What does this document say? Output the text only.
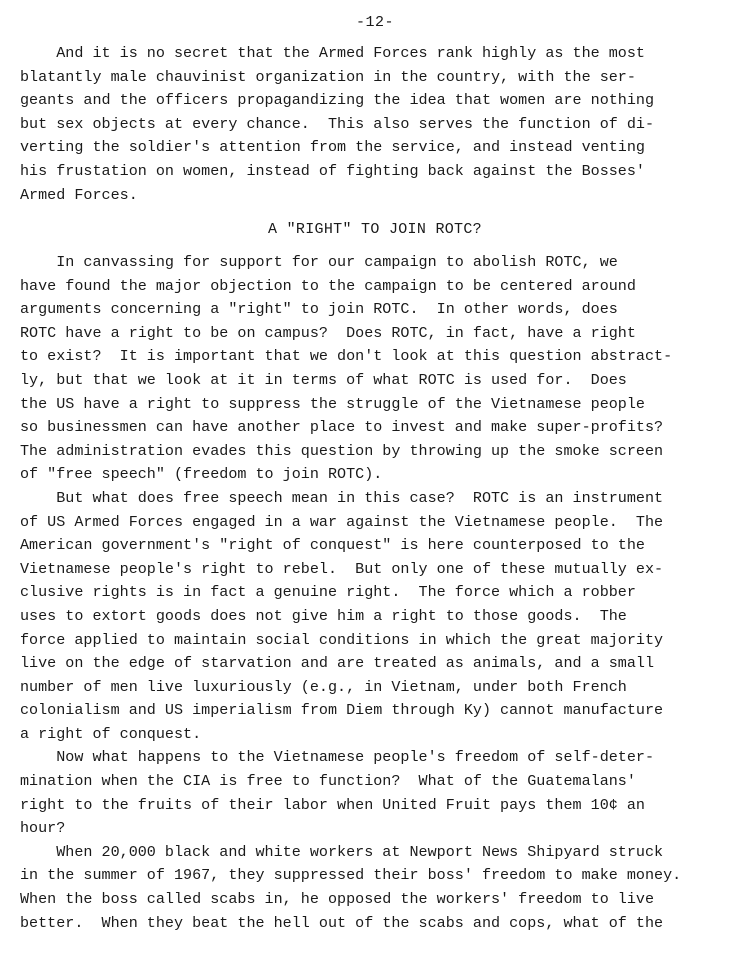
-12-
And it is no secret that the Armed Forces rank highly as the most
blatantly male chauvinist organization in the country, with the ser-
geants and the officers propagandizing the idea that women are nothing
but sex objects at every chance.  This also serves the function of di-
verting the soldier's attention from the service, and instead venting
his frustation on women, instead of fighting back against the Bosses'
Armed Forces.
A "RIGHT" TO JOIN ROTC?
In canvassing for support for our campaign to abolish ROTC, we
have found the major objection to the campaign to be centered around
arguments concerning a "right" to join ROTC.  In other words, does
ROTC have a right to be on campus?  Does ROTC, in fact, have a right
to exist?  It is important that we don't look at this question abstract-
ly, but that we look at it in terms of what ROTC is used for.  Does
the US have a right to suppress the struggle of the Vietnamese people
so businessmen can have another place to invest and make super-profits?
The administration evades this question by throwing up the smoke screen
of "free speech" (freedom to join ROTC).
But what does free speech mean in this case?  ROTC is an instrument
of US Armed Forces engaged in a war against the Vietnamese people.  The
American government's "right of conquest" is here counterposed to the
Vietnamese people's right to rebel.  But only one of these mutually ex-
clusive rights is in fact a genuine right.  The force which a robber
uses to extort goods does not give him a right to those goods.  The
force applied to maintain social conditions in which the great majority
live on the edge of starvation and are treated as animals, and a small
number of men live luxuriously (e.g., in Vietnam, under both French
colonialism and US imperialism from Diem through Ky) cannot manufacture
a right of conquest.
Now what happens to the Vietnamese people's freedom of self-deter-
mination when the CIA is free to function?  What of the Guatemalans'
right to the fruits of their labor when United Fruit pays them 10¢ an
hour?
When 20,000 black and white workers at Newport News Shipyard struck
in the summer of 1967, they suppressed their boss' freedom to make money.
When the boss called scabs in, he opposed the workers' freedom to live
better.  When they beat the hell out of the scabs and cops, what of the
